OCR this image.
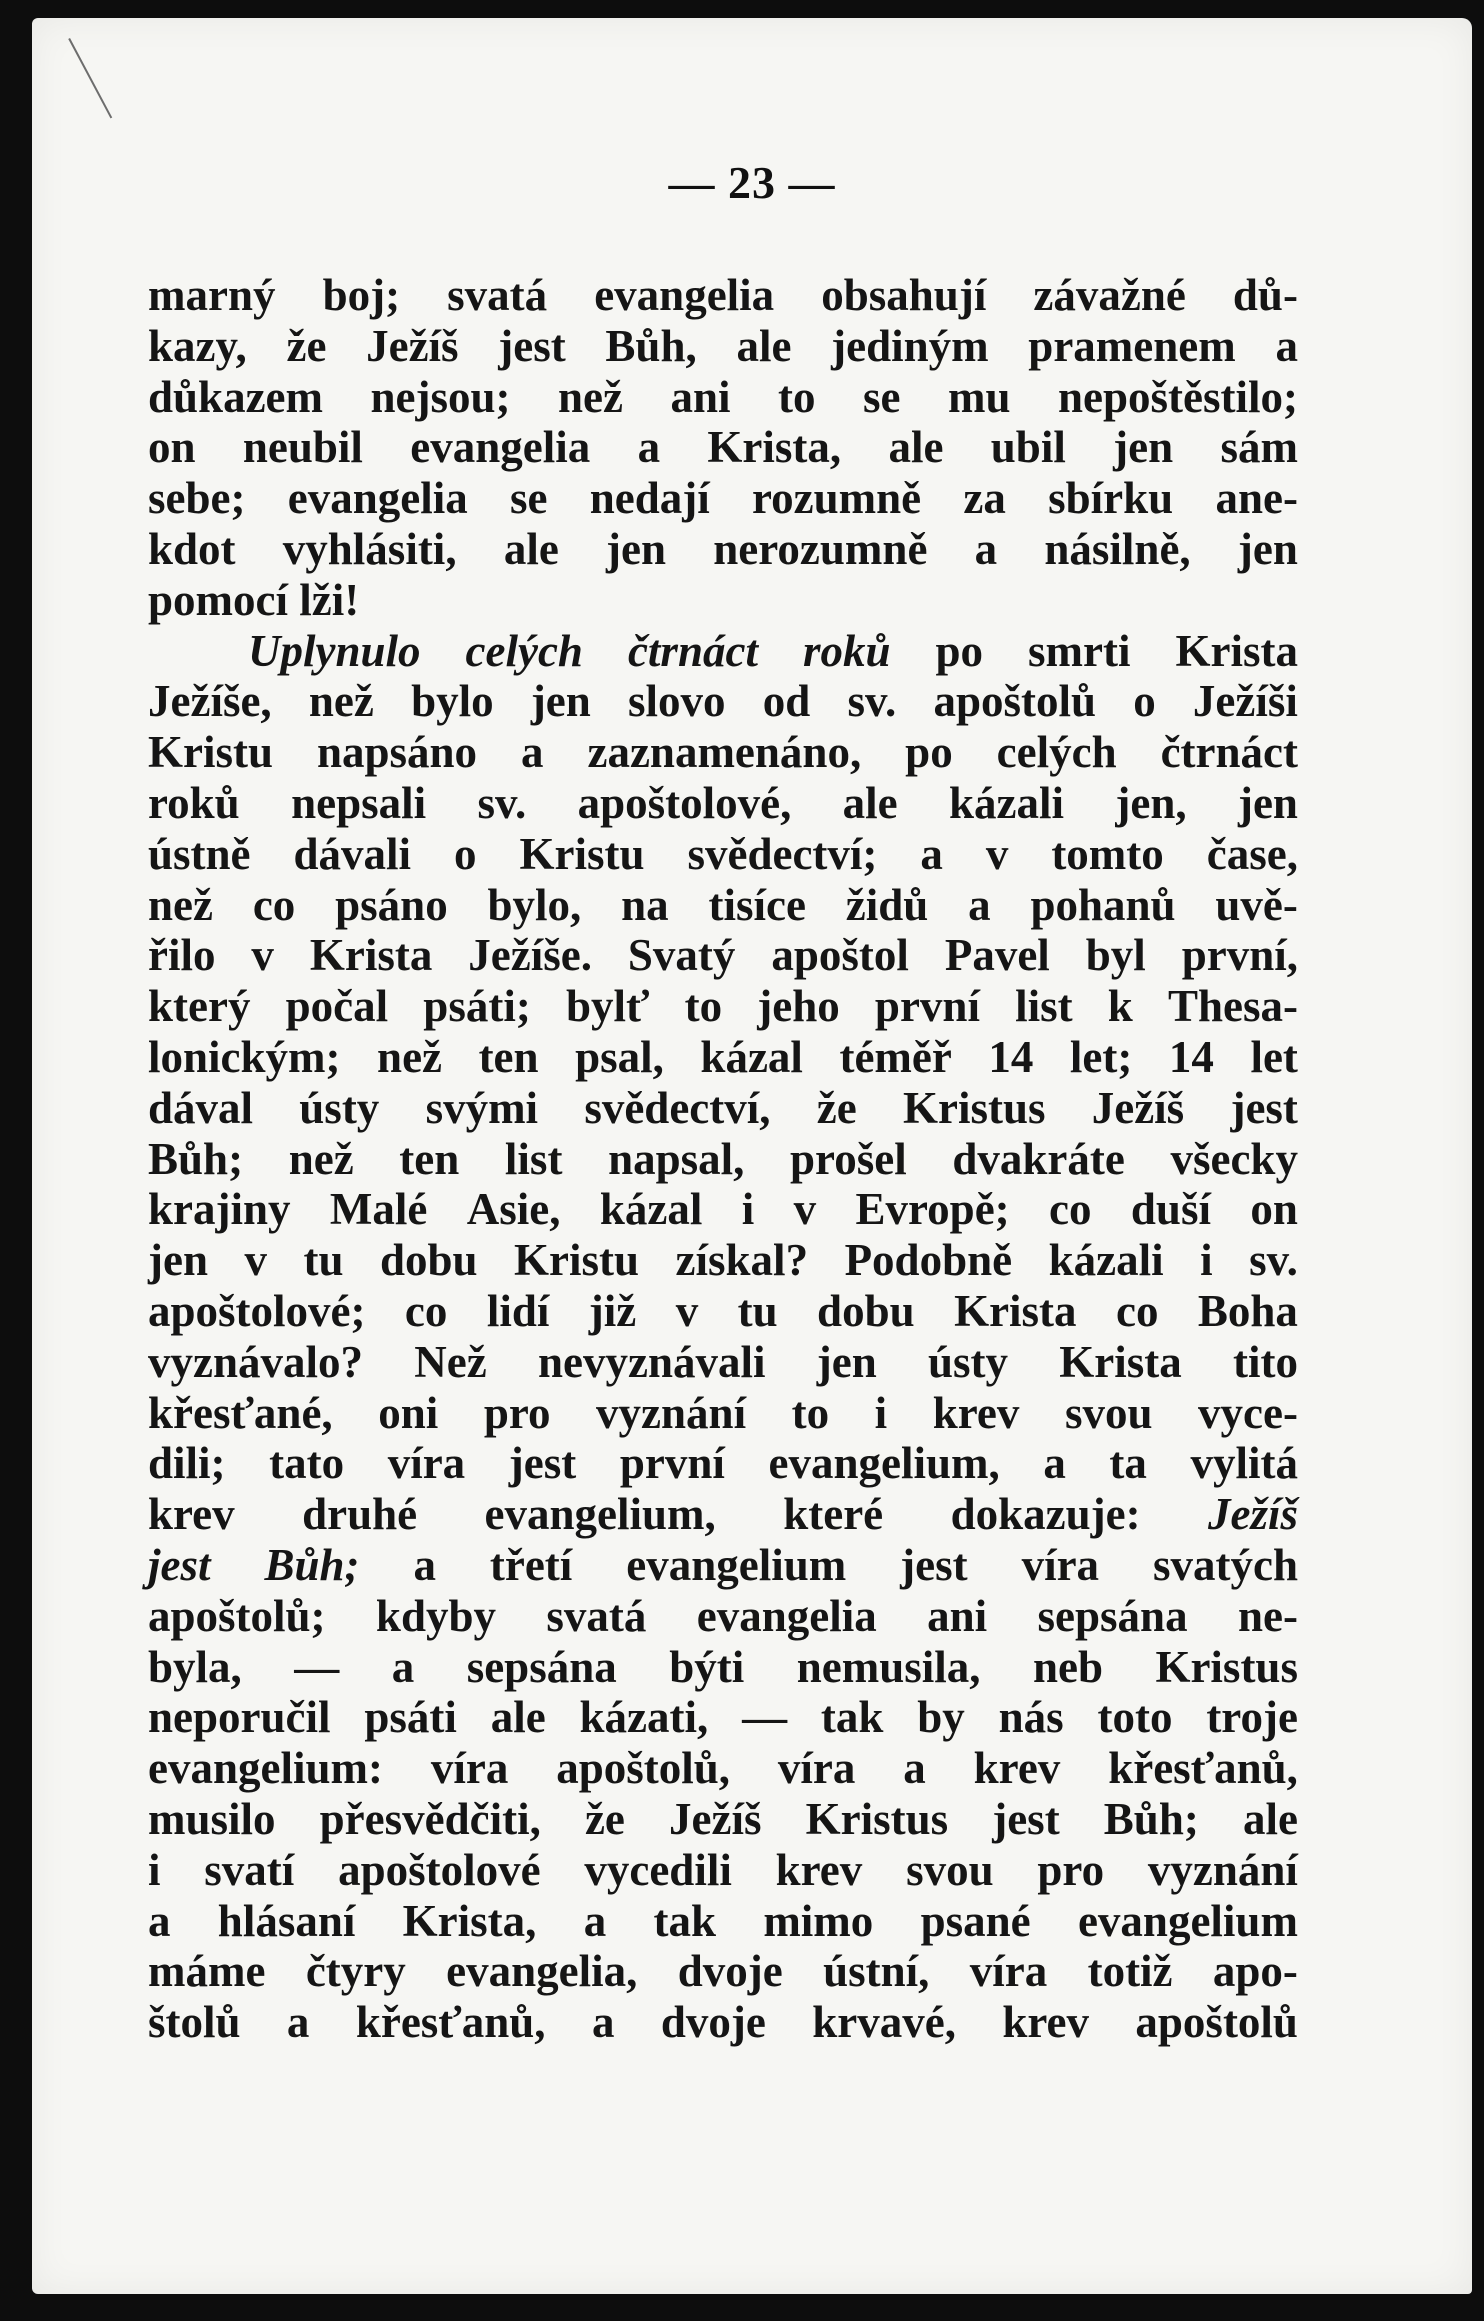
— 23 —
marný boj; svatá evangelia obsahují závažné dů-
kazy, že Ježíš jest Bůh, ale jediným pramenem a
důkazem nejsou; než ani to se mu nepoštěstilo;
on neubil evangelia a Krista, ale ubil jen sám
sebe; evangelia se nedají rozumně za sbírku ane-
kdot vyhlásiti, ale jen nerozumně a násilně, jen
pomocí lži!
Uplynulo celých čtrnáct roků po smrti Krista
Ježíše, než bylo jen slovo od sv. apoštolů o Ježíši
Kristu napsáno a zaznamenáno, po celých čtrnáct
roků nepsali sv. apoštolové, ale kázali jen, jen
ústně dávali o Kristu svědectví; a v tomto čase,
než co psáno bylo, na tisíce židů a pohanů uvě-
řilo v Krista Ježíše. Svatý apoštol Pavel byl první,
který počal psáti; bylť to jeho první list k Thesa-
lonickým; než ten psal, kázal téměř 14 let; 14 let
dával ústy svými svědectví, že Kristus Ježíš jest
Bůh; než ten list napsal, prošel dvakráte všecky
krajiny Malé Asie, kázal i v Evropě; co duší on
jen v tu dobu Kristu získal? Podobně kázali i sv.
apoštolové; co lidí již v tu dobu Krista co Boha
vyznávalo? Než nevyznávali jen ústy Krista tito
křesťané, oni pro vyznání to i krev svou vyce-
dili; tato víra jest první evangelium, a ta vylitá
krev druhé evangelium, které dokazuje: Ježíš
jest Bůh; a třetí evangelium jest víra svatých
apoštolů; kdyby svatá evangelia ani sepsána ne-
byla, — a sepsána býti nemusila, neb Kristus
neporučil psáti ale kázati, — tak by nás toto troje
evangelium: víra apoštolů, víra a krev křesťanů,
musilo přesvědčiti, že Ježíš Kristus jest Bůh; ale
i svatí apoštolové vycedili krev svou pro vyznání
a hlásaní Krista, a tak mimo psané evangelium
máme čtyry evangelia, dvoje ústní, víra totiž apo-
štolů a křesťanů, a dvoje krvavé, krev apoštolů
